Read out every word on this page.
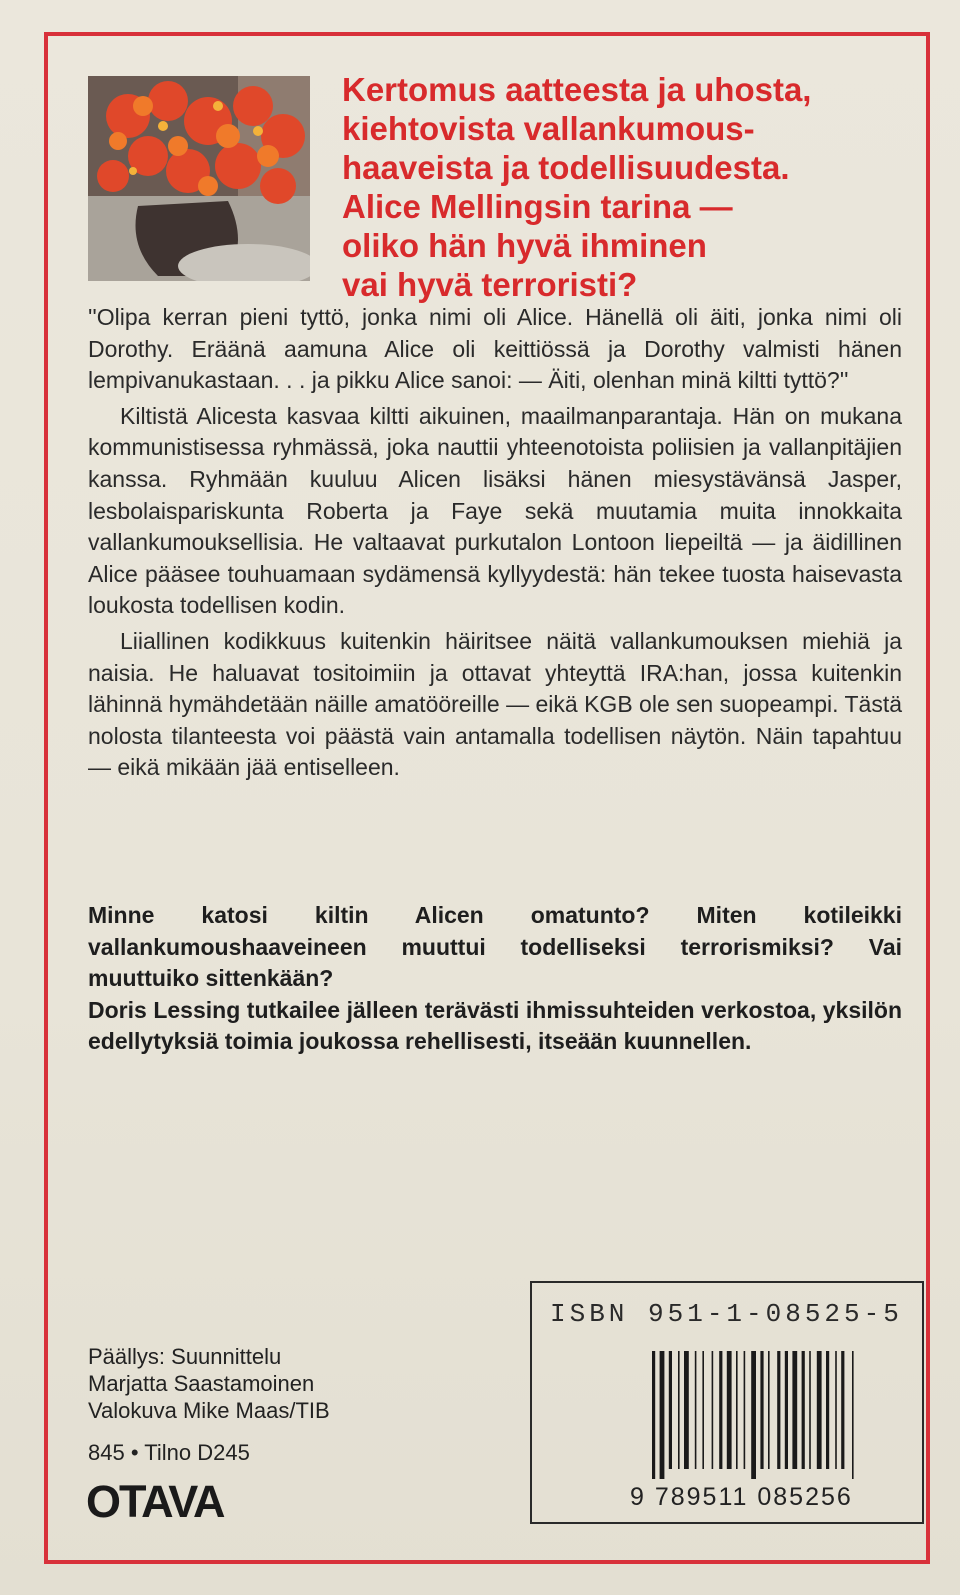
Kertomus aatteesta ja uhosta,
kiehtovista vallankumous-
haaveista ja todellisuudesta.
Alice Mellingsin tarina —
oliko hän hyvä ihminen
vai hyvä terroristi?

''Olipa kerran pieni tyttö, jonka nimi oli Alice. Hänellä oli äiti, jonka nimi oli Dorothy. Eräänä aamuna Alice oli keittiössä ja Dorothy valmisti hänen lempivanukastaan. . . ja pikku Alice sanoi: — Äiti, olenhan minä kiltti tyttö?''

Kiltistä Alicesta kasvaa kiltti aikuinen, maailmanparantaja. Hän on mukana kommunistisessa ryhmässä, joka nauttii yhteenotoista poliisien ja vallanpitäjien kanssa. Ryhmään kuuluu Alicen lisäksi hänen miesystävänsä Jasper, lesbolaispariskunta Roberta ja Faye sekä muutamia muita innokkaita vallankumouksellisia. He valtaavat purkutalon Lontoon liepeiltä — ja äidillinen Alice pääsee touhuamaan sydämensä kyllyydestä: hän tekee tuosta haisevasta loukosta todellisen kodin.

Liiallinen kodikkuus kuitenkin häiritsee näitä vallankumouksen miehiä ja naisia. He haluavat tositoimiin ja ottavat yhteyttä IRA:han, jossa kuitenkin lähinnä hymähdetään näille amatööreille — eikä KGB ole sen suopeampi. Tästä nolosta tilanteesta voi päästä vain antamalla todellisen näytön. Näin tapahtuu — eikä mikään jää entiselleen.

Minne katosi kiltin Alicen omatunto? Miten kotileikki vallankumoushaaveineen muuttui todelliseksi terrorismiksi? Vai muuttuiko sittenkään?

Doris Lessing tutkailee jälleen terävästi ihmissuhteiden verkostoa, yksilön edellytyksiä toimia joukossa rehellisesti, itseään kuunnellen.

Päällys: Suunnittelu
Marjatta Saastamoinen
Valokuva Mike Maas/TIB
845 • Tilno D245
OTAVA
ISBN 951-1-08525-5
9 789511 085256
